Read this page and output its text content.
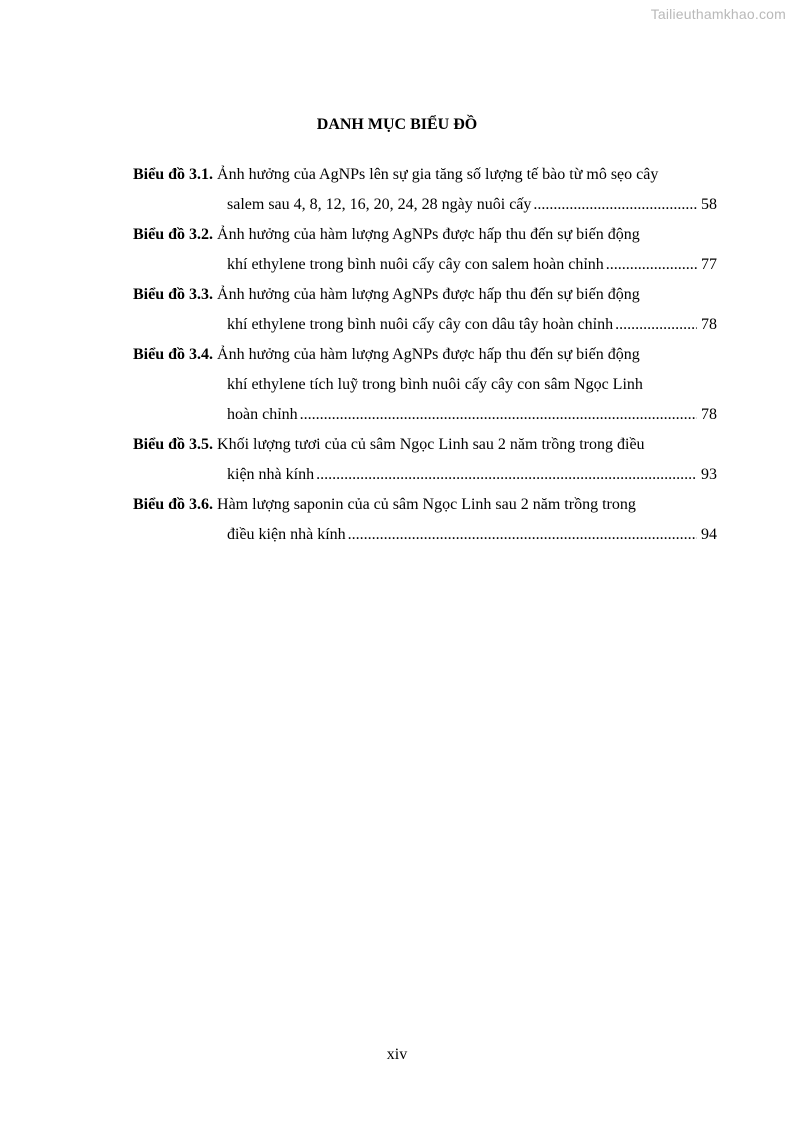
Tailieuthamkhao.com
DANH MỤC BIỂU ĐỒ
Biểu đồ 3.1. Ảnh hưởng của AgNPs lên sự gia tăng số lượng tế bào từ mô sẹo cây
salem sau 4, 8, 12, 16, 20, 24, 28 ngày nuôi cấy .....	58
Biểu đồ 3.2. Ảnh hưởng của hàm lượng AgNPs được hấp thu đến sự biến động
khí ethylene trong bình nuôi cấy cây con salem hoàn chỉnh .....	77
Biểu đồ 3.3. Ảnh hưởng của hàm lượng AgNPs được hấp thu đến sự biến động
khí ethylene trong bình nuôi cấy cây con dâu tây hoàn chỉnh .....	78
Biểu đồ 3.4. Ảnh hưởng của hàm lượng AgNPs được hấp thu đến sự biến động
khí ethylene tích luỹ trong bình nuôi cấy cây con sâm Ngọc Linh
hoàn chỉnh .....	78
Biểu đồ 3.5. Khối lượng tươi của củ sâm Ngọc Linh sau 2 năm trồng trong điều
kiện nhà kính .....	93
Biểu đồ 3.6. Hàm lượng saponin của củ sâm Ngọc Linh sau 2 năm trồng trong
điều kiện nhà kính .....	94
xiv
